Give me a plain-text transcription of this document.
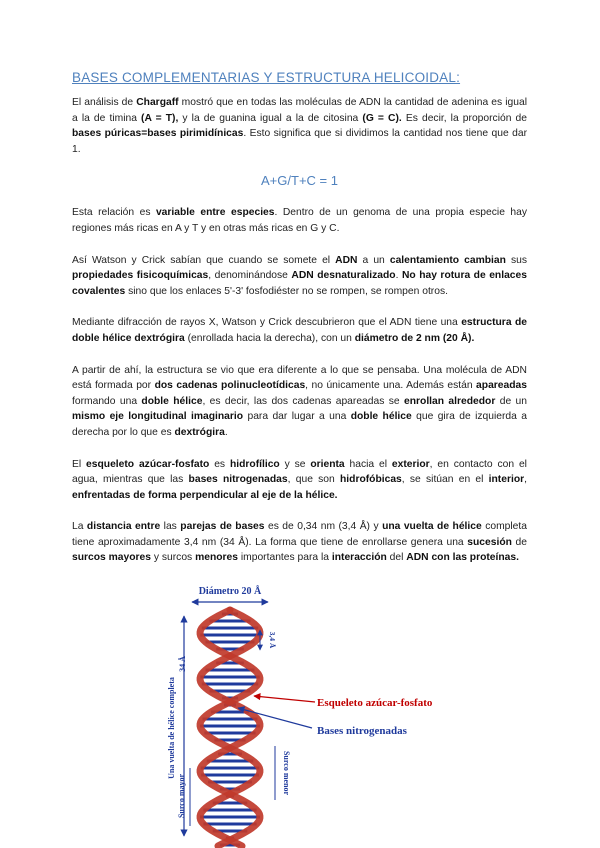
BASES COMPLEMENTARIAS Y ESTRUCTURA HELICOIDAL:

El análisis de Chargaff mostró que en todas las moléculas de ADN la cantidad de adenina es igual a la de timina (A = T), y la de guanina igual a la de citosina (G = C). Es decir, la proporción de bases púricas=bases pirimidínicas. Esto significa que si dividimos la cantidad nos tiene que dar 1.

A+G/T+C = 1

Esta relación es variable entre especies. Dentro de un genoma de una propia especie hay regiones más ricas en A y T y en otras más ricas en G y C.

Así Watson y Crick sabían que cuando se somete el ADN a un calentamiento cambian sus propiedades fisicoquímicas, denominándose ADN desnaturalizado. No hay rotura de enlaces covalentes sino que los enlaces 5'-3' fosfodiéster no se rompen, se rompen otros.

Mediante difracción de rayos X, Watson y Crick descubrieron que el ADN tiene una estructura de doble hélice dextrógira (enrollada hacia la derecha), con un diámetro de 2 nm (20 Å).

A partir de ahí, la estructura se vio que era diferente a lo que se pensaba. Una molécula de ADN está formada por dos cadenas polinucleotídicas, no únicamente una. Además están apareadas formando una doble hélice, es decir, las dos cadenas apareadas se enrollan alrededor de un mismo eje longitudinal imaginario para dar lugar a una doble hélice que gira de izquierda a derecha por lo que es dextrógira.

El esqueleto azúcar-fosfato es hidrofílico y se orienta hacia el exterior, en contacto con el agua, mientras que las bases nitrogenadas, que son hidrofóbicas, se sitúan en el interior, enfrentadas de forma perpendicular al eje de la hélice.

La distancia entre las parejas de bases es de 0,34 nm (3,4 Å) y una vuelta de hélice completa tiene aproximadamente 3,4 nm (34 Å). La forma que tiene de enrollarse genera una sucesión de surcos mayores y surcos menores importantes para la interacción del ADN con las proteínas.

Diámetro 20 Å
Una vuelta de hélice completa
34 Å
3,4 Å
Surco mayor
Surco menor
Esqueleto azúcar-fosfato
Bases nitrogenadas
